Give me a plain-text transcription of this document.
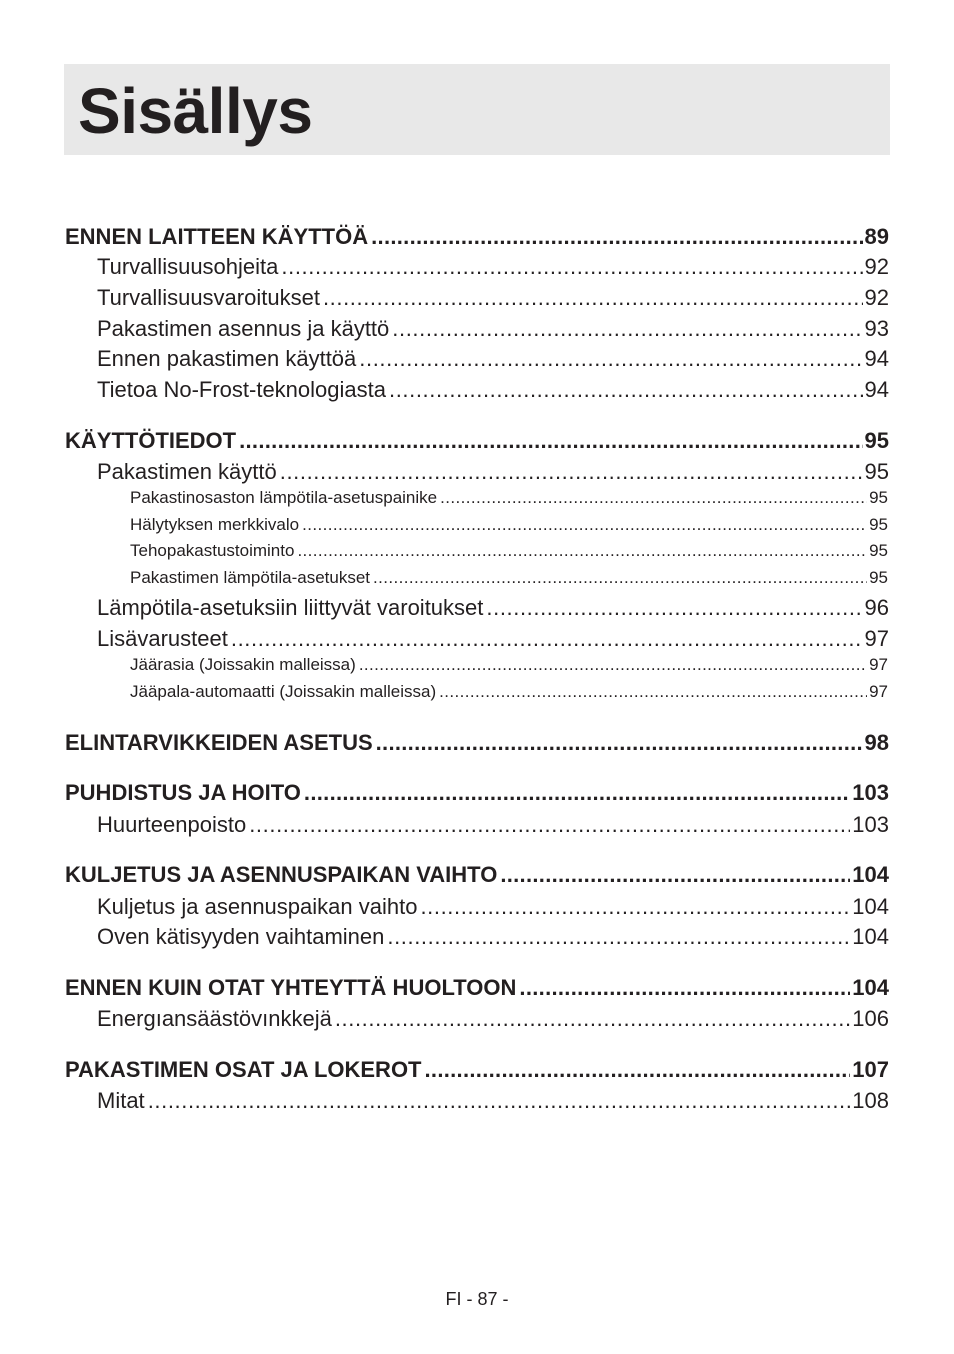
Sisällys
ENNEN LAITTEEN KÄYTTÖÄ .....	89
Turvallisuusohjeita .....	92
Turvallisuusvaroitukset .....	92
Pakastimen asennus ja käyttö .....	93
Ennen pakastimen käyttöä .....	94
Tietoa No-Frost-teknologiasta .....	94
KÄYTTÖTIEDOT .....	95
Pakastimen käyttö .....	95
Pakastinosaston lämpötila-asetuspainike .....	95
Hälytyksen merkkivalo .....	95
Tehopakastustoiminto .....	95
Pakastimen lämpötila-asetukset .....	95
Lämpötila-asetuksiin liittyvät varoitukset .....	96
Lisävarusteet .....	97
Jäärasia (Joissakin malleissa) .....	97
Jääpala-automaatti (Joissakin malleissa) .....	97
ELINTARVIKKEIDEN ASETUS .....	98
PUHDISTUS JA HOITO .....	103
Huurteenpoisto .....	103
KULJETUS JA ASENNUSPAIKAN VAIHTO .....	104
Kuljetus ja asennuspaikan vaihto .....	104
Oven kätisyyden vaihtaminen .....	104
ENNEN KUIN OTAT YHTEYTTÄ HUOLTOON .....	104
Energıansäästövınkkejä .....	106
PAKASTIMEN OSAT JA LOKEROT .....	107
Mitat .....	108
FI - 87 -
